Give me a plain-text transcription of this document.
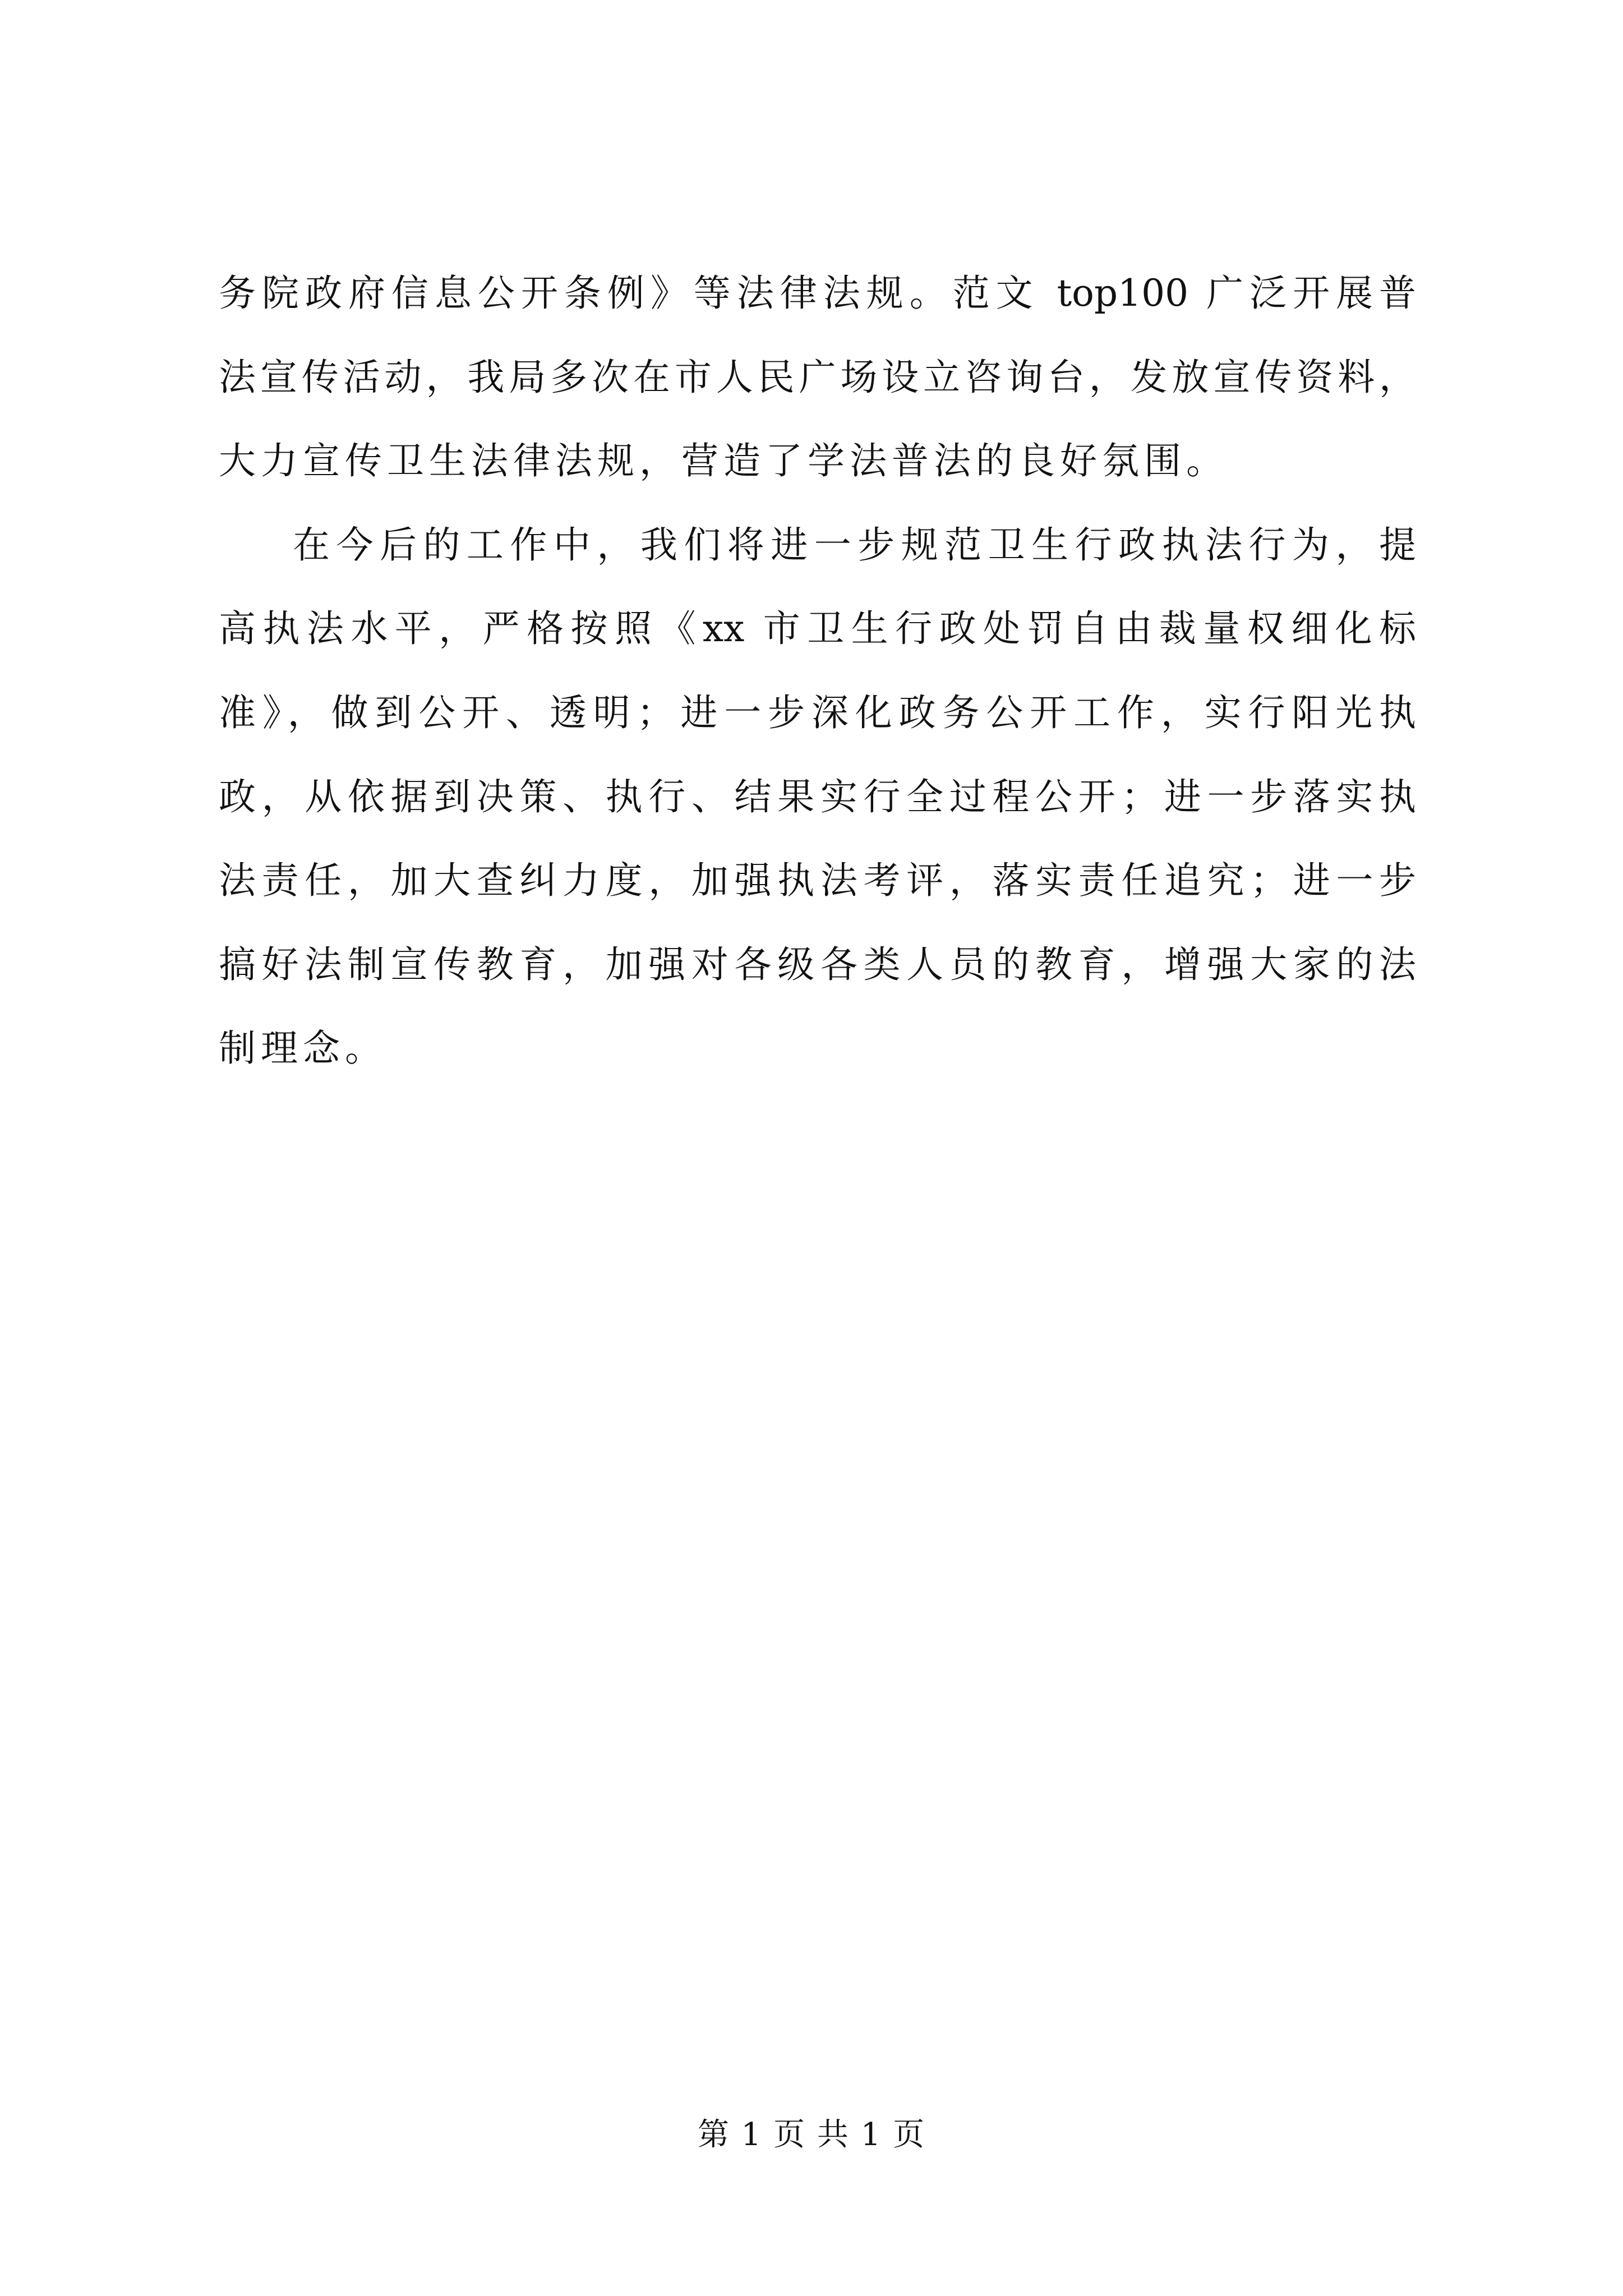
务院政府信息公开条例》等法律法规。范文 top100 广泛开展普
法宣传活动，我局多次在市人民广场设立咨询台，发放宣传资料，
大力宣传卫生法律法规，营造了学法普法的良好氛围。
在今后的工作中，我们将进一步规范卫生行政执法行为，提
高执法水平，严格按照《xx 市卫生行政处罚自由裁量权细化标
准》，做到公开、透明；进一步深化政务公开工作，实行阳光执
政，从依据到决策、执行、结果实行全过程公开；进一步落实执
法责任，加大查纠力度，加强执法考评，落实责任追究；进一步
搞好法制宣传教育，加强对各级各类人员的教育，增强大家的法
制理念。
第 1 页 共 1 页
